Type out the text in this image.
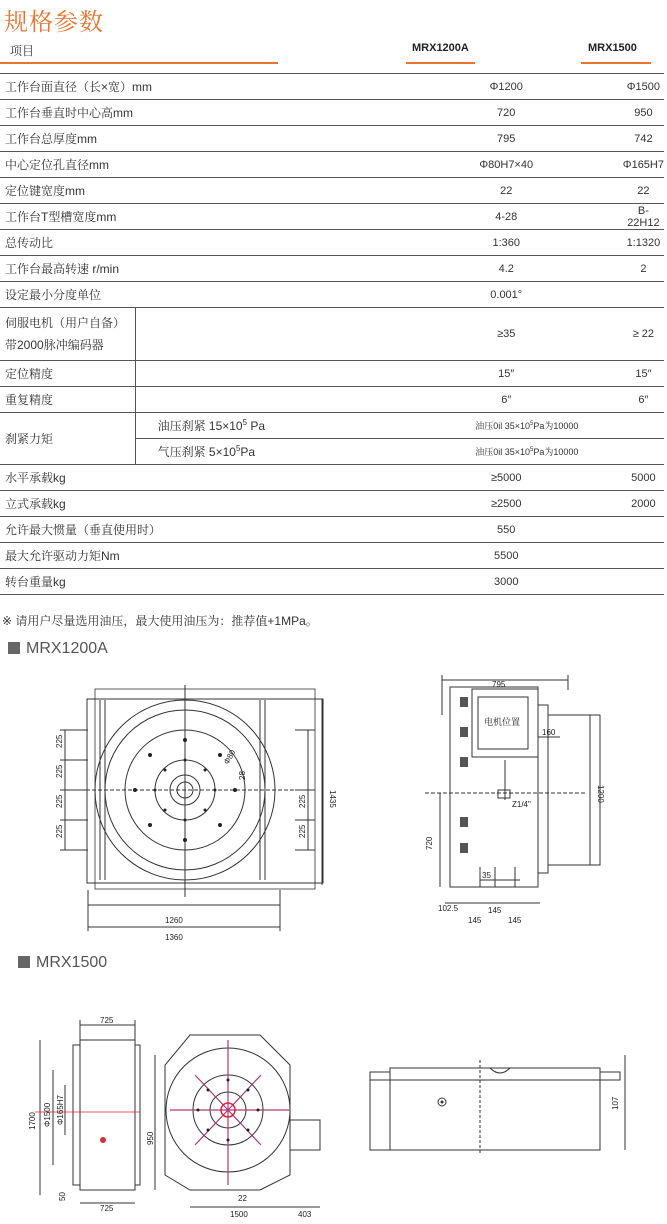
规格参数
项目	MRX1200A	MRX1500
工作台面直径（长×宽）mm		Φ1200	Φ1500
工作台垂直时中心高mm		720	950
工作台总厚度mm		795	742
中心定位孔直径mm		Φ80H7×40	Φ165H7
定位键宽度mm		22	22
工作台T型槽宽度mm		4-28	B-22H12
总传动比		1:360	1:1320
工作台最高转速 r/min		4.2	2
设定最小分度单位		0.001°	

伺服电机（用户自备）
带2000脉冲编码器		≥35	≥ 22
定位精度		15″	15″
重复精度		6″	6″
刹紧力矩	油压刹紧 $15\times 10^5$ Pa	油压0il $35\times 10^5Pa$为10000	
	气压刹紧 $5\times 10^5Pa$	油压0il $35\times 10^5Pa$为10000	
水平承载kg		≥5000	5000
立式承载kg		≥2500	2000
允许最大惯量（垂直使用时）		550	
最大允许驱动力矩Nm		5500	
转台重量kg		3000	
※ 请用户尽量选用油压，最大使用油压为：推荐值+1MPa。
MRX1200A
1260
1360
1435
225
225
225
225
225
225
28
Φ80
795
160
1200
720
35
102.5
145
145
145
电机位置
Z1/4"
MRX1500
725
725
1700 Φ1500 Φ165H7
50
950
1500	403
22
107
